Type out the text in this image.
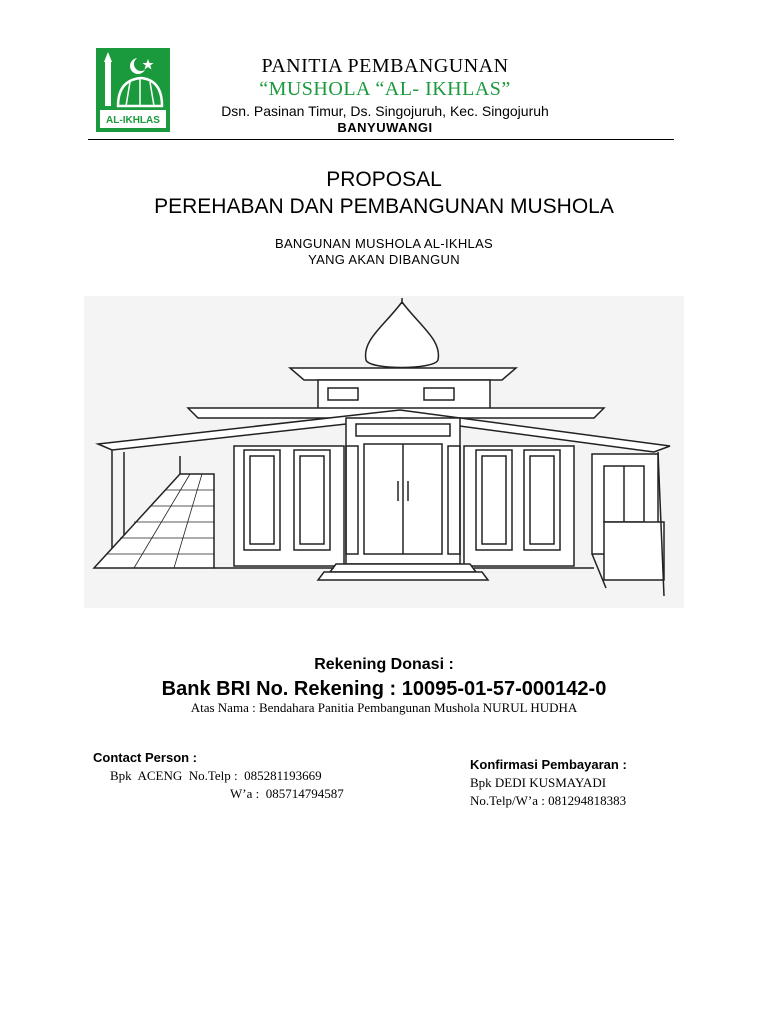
AL-IKHLAS
PANITIA PEMBANGUNAN
“MUSHOLA “AL- IKHLAS”
Dsn. Pasinan Timur, Ds. Singojuruh, Kec. Singojuruh
BANYUWANGI
PROPOSAL
PEREHABAN DAN PEMBANGUNAN MUSHOLA
BANGUNAN MUSHOLA AL-IKHLAS
YANG AKAN DIBANGUN
Rekening Donasi :
Bank BRI No. Rekening : 10095-01-57-000142-0
Atas Nama : Bendahara Panitia Pembangunan Mushola NURUL HUDHA
Contact Person :
Bpk  ACENG  No.Telp :  085281193669
W’a :  085714794587
Konfirmasi Pembayaran :
Bpk DEDI KUSMAYADI
No.Telp/W’a : 081294818383
